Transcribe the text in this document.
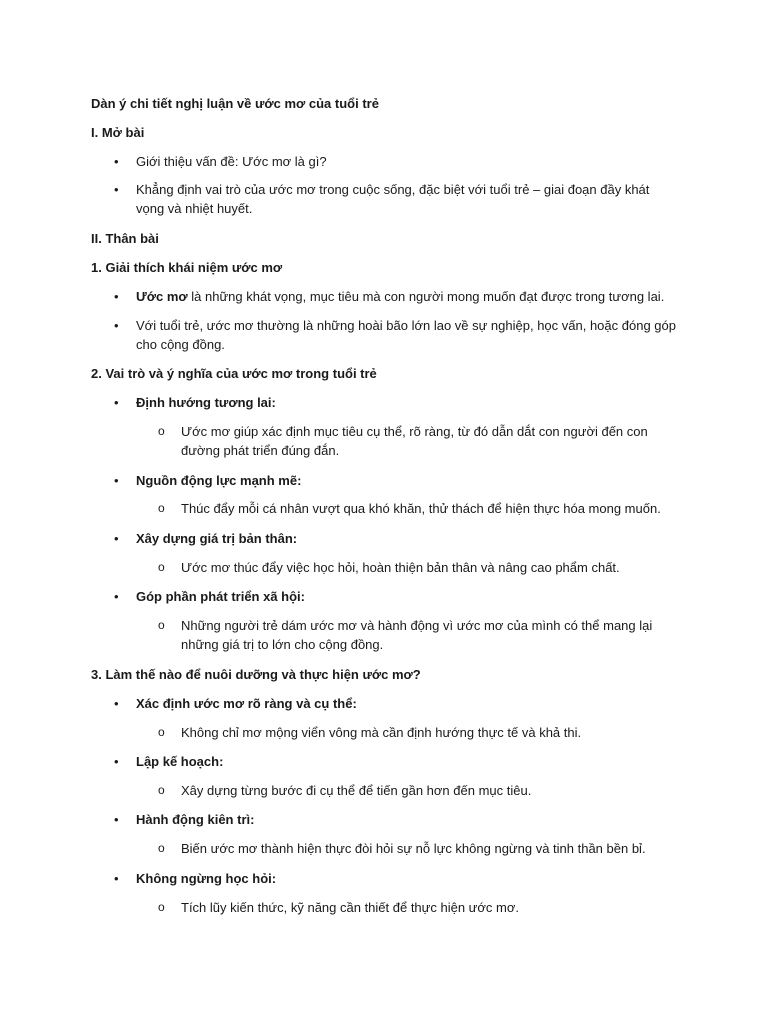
Dàn ý chi tiết nghị luận về ước mơ của tuổi trẻ
I. Mở bài
• Giới thiệu vấn đề: Ước mơ là gì?
• Khẳng định vai trò của ước mơ trong cuộc sống, đặc biệt với tuổi trẻ – giai đoạn đầy khát vọng và nhiệt huyết.
II. Thân bài
1. Giải thích khái niệm ước mơ
• Ước mơ là những khát vọng, mục tiêu mà con người mong muốn đạt được trong tương lai.
• Với tuổi trẻ, ước mơ thường là những hoài bão lớn lao về sự nghiệp, học vấn, hoặc đóng góp cho cộng đồng.
2. Vai trò và ý nghĩa của ước mơ trong tuổi trẻ
• Định hướng tương lai:
o Ước mơ giúp xác định mục tiêu cụ thể, rõ ràng, từ đó dẫn dắt con người đến con đường phát triển đúng đắn.
• Nguồn động lực mạnh mẽ:
o Thúc đẩy mỗi cá nhân vượt qua khó khăn, thử thách để hiện thực hóa mong muốn.
• Xây dựng giá trị bản thân:
o Ước mơ thúc đẩy việc học hỏi, hoàn thiện bản thân và nâng cao phẩm chất.
• Góp phần phát triển xã hội:
o Những người trẻ dám ước mơ và hành động vì ước mơ của mình có thể mang lại những giá trị to lớn cho cộng đồng.
3. Làm thế nào để nuôi dưỡng và thực hiện ước mơ?
• Xác định ước mơ rõ ràng và cụ thể:
o Không chỉ mơ mộng viển vông mà cần định hướng thực tế và khả thi.
• Lập kế hoạch:
o Xây dựng từng bước đi cụ thể để tiến gần hơn đến mục tiêu.
• Hành động kiên trì:
o Biến ước mơ thành hiện thực đòi hỏi sự nỗ lực không ngừng và tinh thần bền bỉ.
• Không ngừng học hỏi:
o Tích lũy kiến thức, kỹ năng cần thiết để thực hiện ước mơ.
